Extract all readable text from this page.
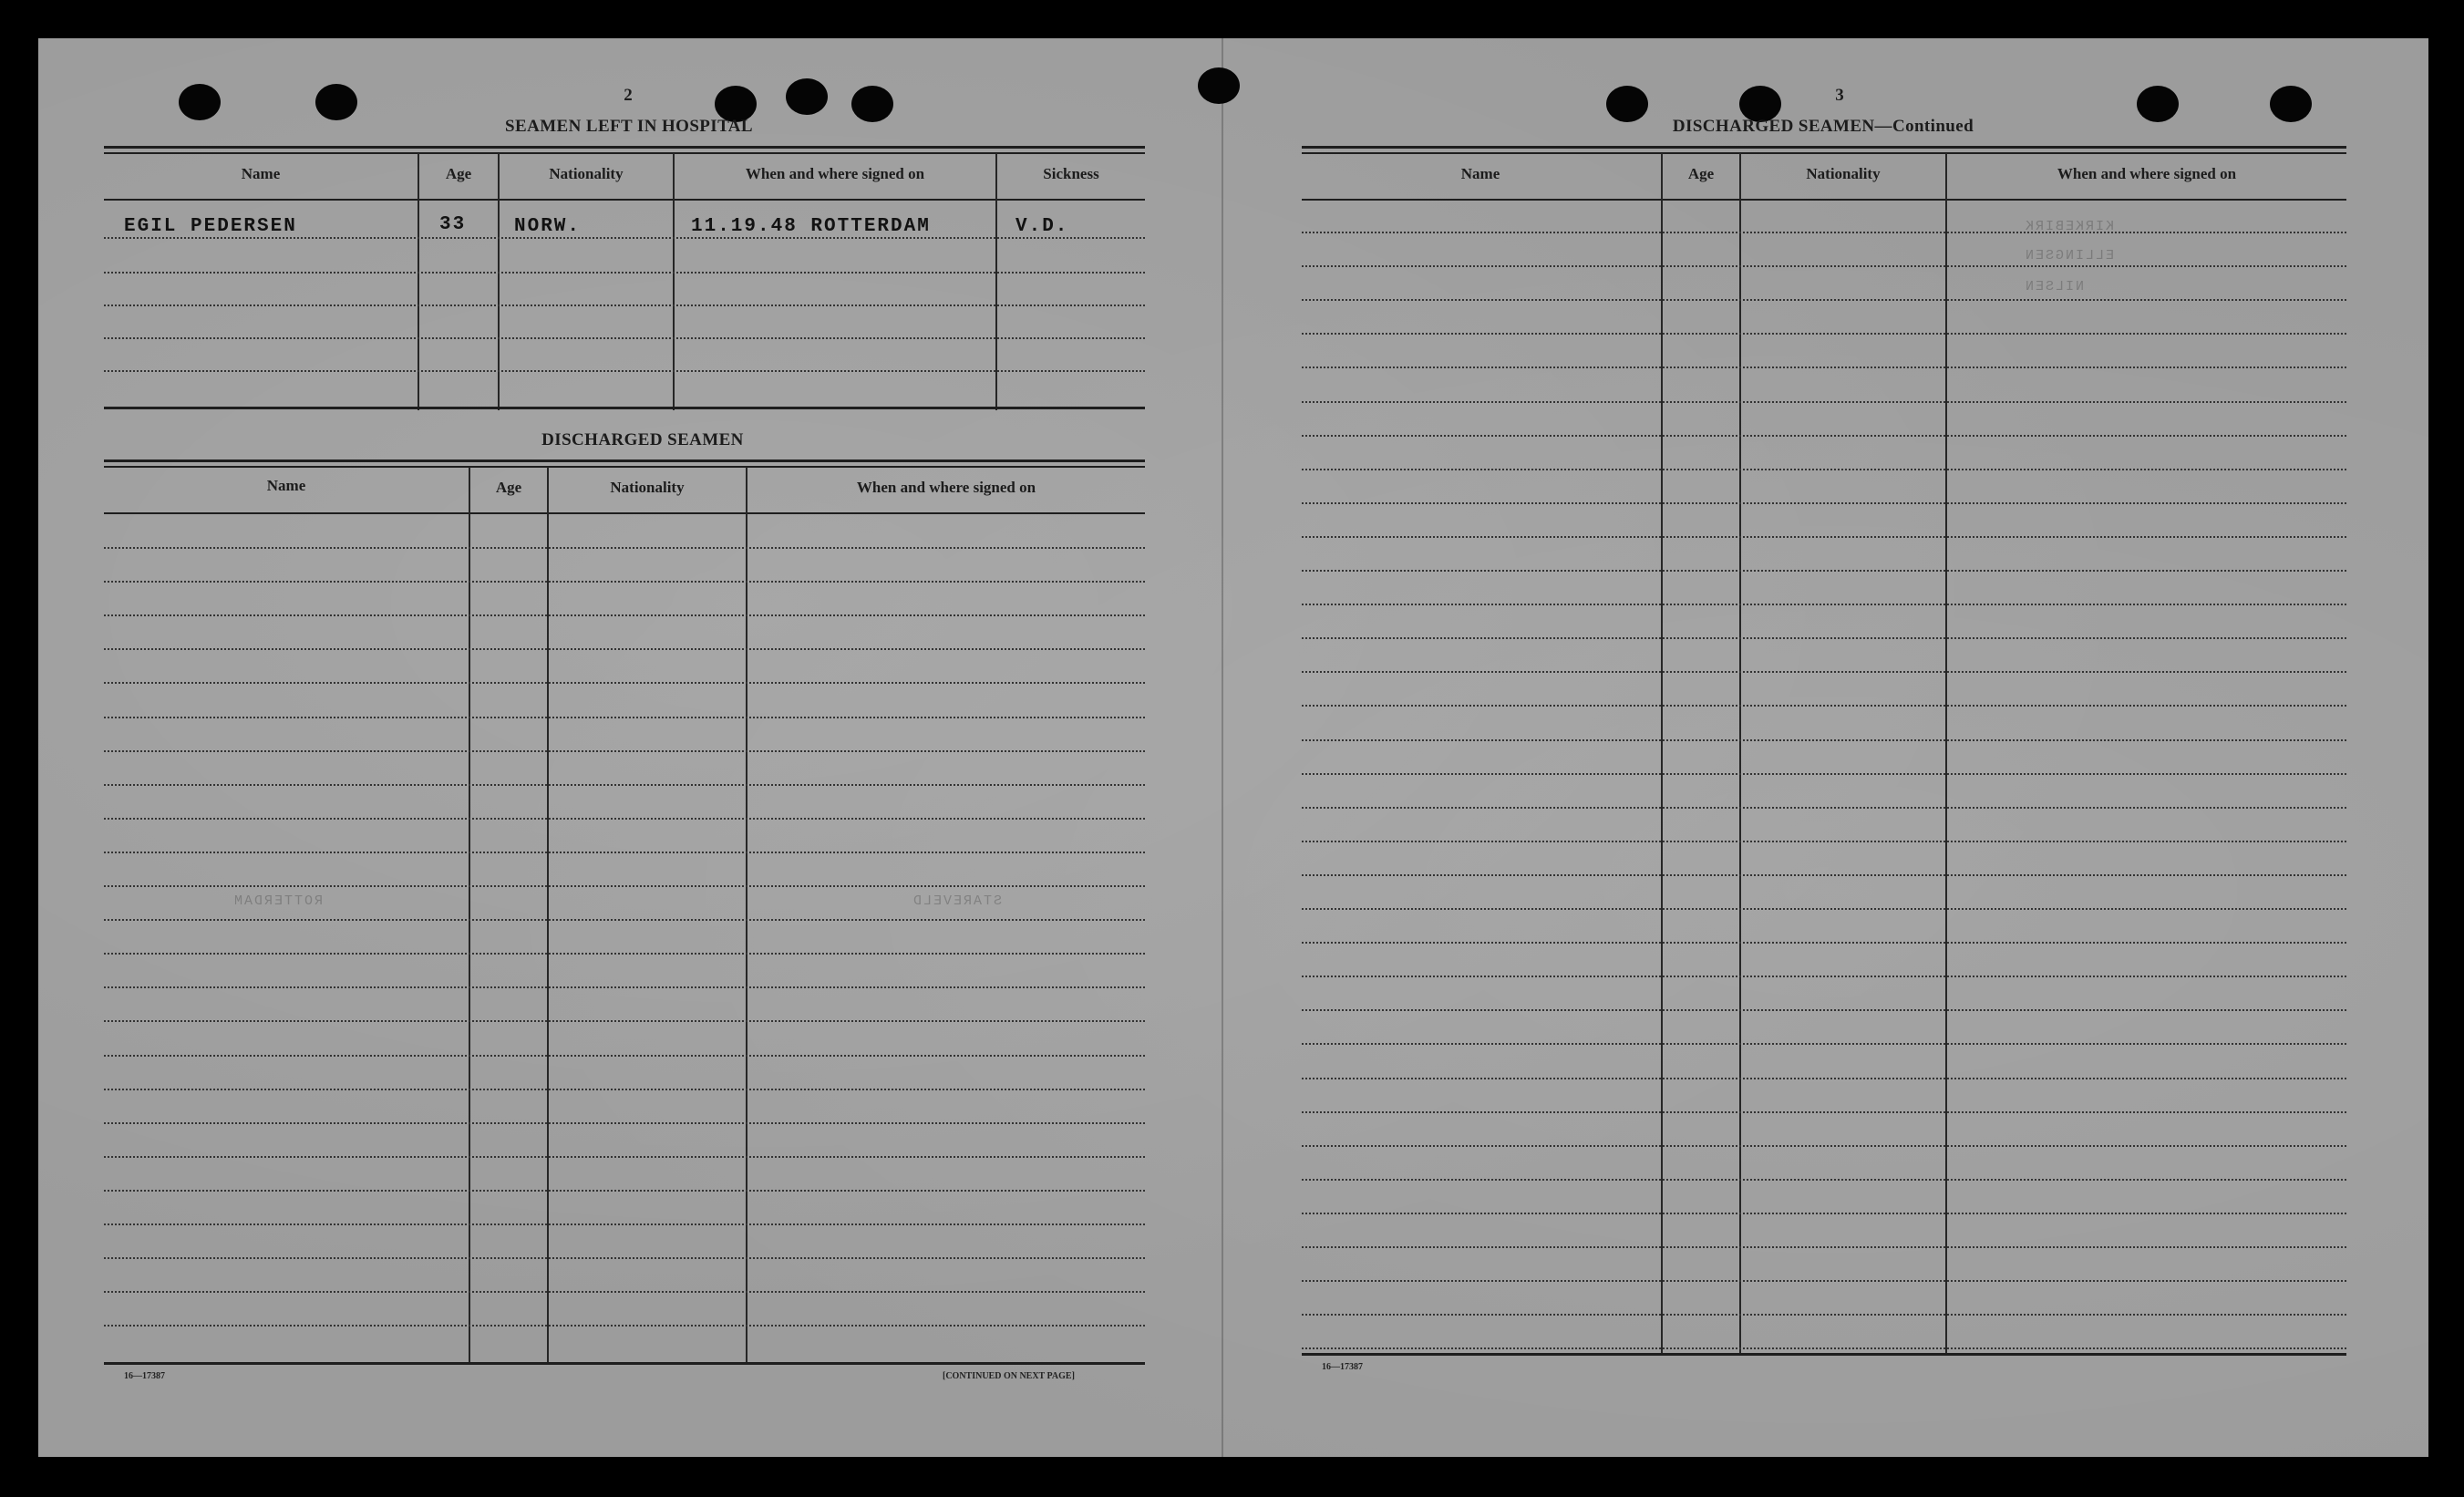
ROTTERDAM	STAREVELD
KIRKEBIRK
ELLINGSEN
NILSEN
2
SEAMEN LEFT IN HOSPITAL
Name	Age	Nationality	When and where signed on	Sickness
EGIL PEDERSEN	33	NORW.	11.19.48 ROTTERDAM	V.D.
DISCHARGED SEAMEN
Name	Age	Nationality	When and where signed on
16—17387	[CONTINUED ON NEXT PAGE]
3
DISCHARGED SEAMEN—Continued
Name	Age	Nationality	When and where signed on
16—17387
